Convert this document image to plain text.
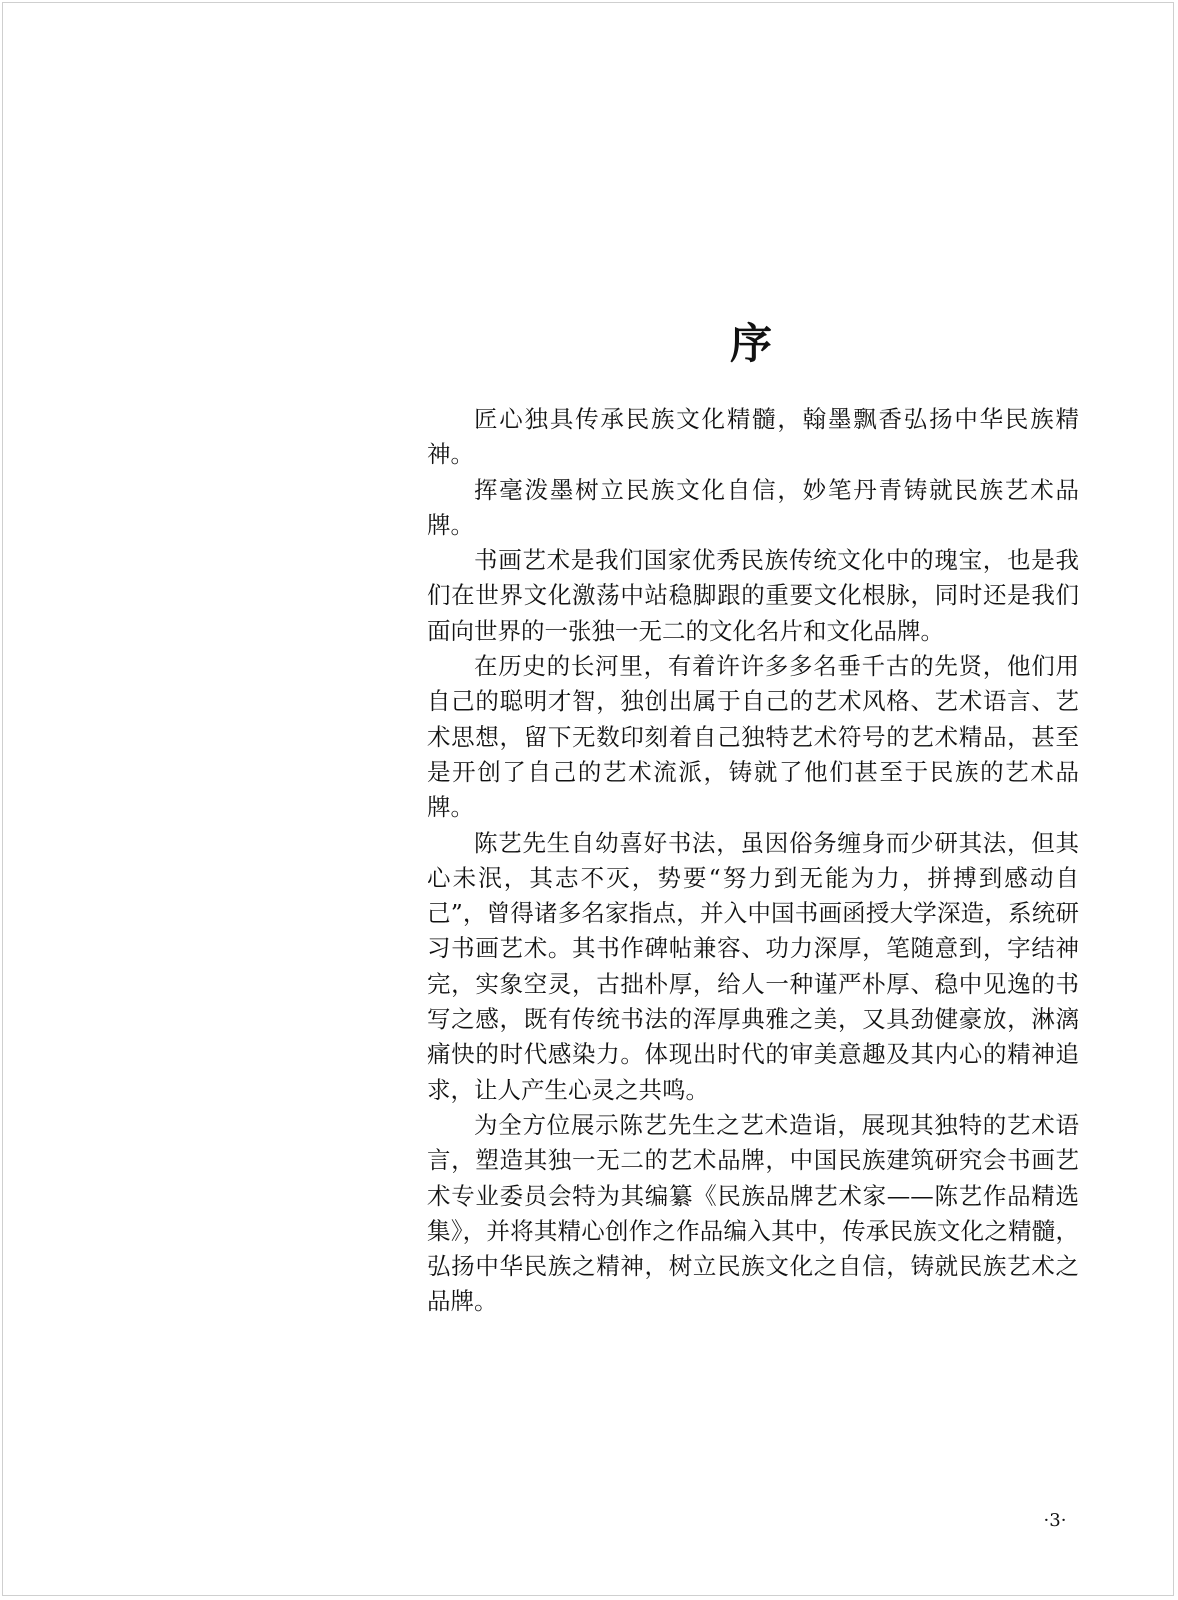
序

匠心独具传承民族文化精髓，翰墨飘香弘扬中华民族精神。

挥毫泼墨树立民族文化自信，妙笔丹青铸就民族艺术品牌。

书画艺术是我们国家优秀民族传统文化中的瑰宝，也是我们在世界文化激荡中站稳脚跟的重要文化根脉，同时还是我们面向世界的一张独一无二的文化名片和文化品牌。

在历史的长河里，有着许许多多名垂千古的先贤，他们用自己的聪明才智，独创出属于自己的艺术风格、艺术语言、艺术思想，留下无数印刻着自己独特艺术符号的艺术精品，甚至是开创了自己的艺术流派，铸就了他们甚至于民族的艺术品牌。

陈艺先生自幼喜好书法，虽因俗务缠身而少研其法，但其心未泯，其志不灭，势要“努力到无能为力，拼搏到感动自己”，曾得诸多名家指点，并入中国书画函授大学深造，系统研习书画艺术。其书作碑帖兼容、功力深厚，笔随意到，字结神完，实象空灵，古拙朴厚，给人一种谨严朴厚、稳中见逸的书写之感，既有传统书法的浑厚典雅之美，又具劲健豪放，淋漓痛快的时代感染力。体现出时代的审美意趣及其内心的精神追求，让人产生心灵之共鸣。

为全方位展示陈艺先生之艺术造诣，展现其独特的艺术语言，塑造其独一无二的艺术品牌，中国民族建筑研究会书画艺术专业委员会特为其编纂《民族品牌艺术家——陈艺作品精选集》，并将其精心创作之作品编入其中，传承民族文化之精髓，弘扬中华民族之精神，树立民族文化之自信，铸就民族艺术之品牌。

·3·
